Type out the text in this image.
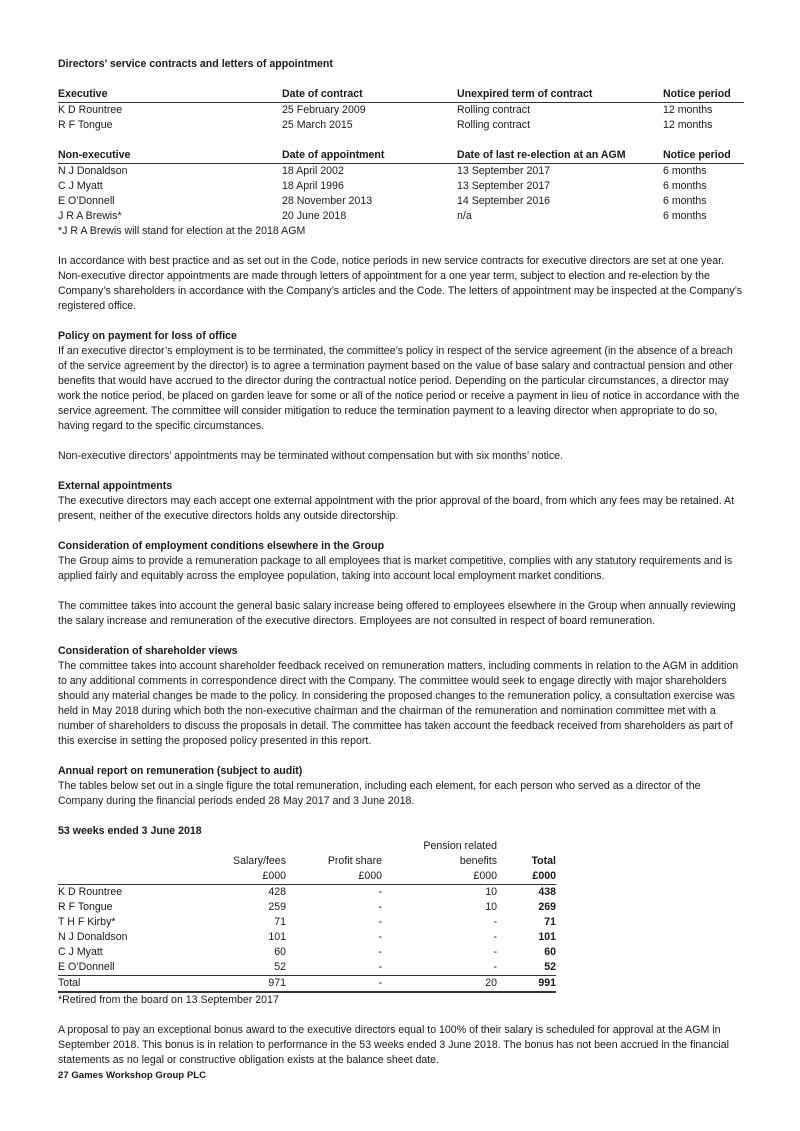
Directors’ service contracts and letters of appointment

Executive	Date of contract	Unexpired term of contract	Notice period
K D Rountree	25 February 2009	Rolling contract	12 months
R F Tongue	25 March 2015	Rolling contract	12 months
Non-executive	Date of appointment	Date of last re-election at an AGM	Notice period
N J Donaldson	18 April 2002	13 September 2017	6 months
C J Myatt	18 April 1996	13 September 2017	6 months
E O’Donnell	28 November 2013	14 September 2016	6 months
J R A Brewis*	20 June 2018	n/a	6 months

*J R A Brewis will stand for election at the 2018 AGM

In accordance with best practice and as set out in the Code, notice periods in new service contracts for executive directors are set at one year. Non-executive director appointments are made through letters of appointment for a one year term, subject to election and re-election by the Company’s shareholders in accordance with the Company’s articles and the Code. The letters of appointment may be inspected at the Company’s registered office.

Policy on payment for loss of office

If an executive director’s employment is to be terminated, the committee’s policy in respect of the service agreement (in the absence of a breach of the service agreement by the director) is to agree a termination payment based on the value of base salary and contractual pension and other benefits that would have accrued to the director during the contractual notice period. Depending on the particular circumstances, a director may work the notice period, be placed on garden leave for some or all of the notice period or receive a payment in lieu of notice in accordance with the service agreement. The committee will consider mitigation to reduce the termination payment to a leaving director when appropriate to do so, having regard to the specific circumstances.

Non-executive directors’ appointments may be terminated without compensation but with six months’ notice.

External appointments

The executive directors may each accept one external appointment with the prior approval of the board, from which any fees may be retained. At present, neither of the executive directors holds any outside directorship.

Consideration of employment conditions elsewhere in the Group

The Group aims to provide a remuneration package to all employees that is market competitive, complies with any statutory requirements and is applied fairly and equitably across the employee population, taking into account local employment market conditions.

The committee takes into account the general basic salary increase being offered to employees elsewhere in the Group when annually reviewing the salary increase and remuneration of the executive directors. Employees are not consulted in respect of board remuneration.

Consideration of shareholder views

The committee takes into account shareholder feedback received on remuneration matters, including comments in relation to the AGM in addition to any additional comments in correspondence direct with the Company. The committee would seek to engage directly with major shareholders should any material changes be made to the policy. In considering the proposed changes to the remuneration policy, a consultation exercise was held in May 2018 during which both the non-executive chairman and the chairman of the remuneration and nomination committee met with a number of shareholders to discuss the proposals in detail. The committee has taken account the feedback received from shareholders as part of this exercise in setting the proposed policy presented in this report.

Annual report on remuneration (subject to audit)

The tables below set out in a single figure the total remuneration, including each element, for each person who served as a director of the Company during the financial periods ended 28 May 2017 and 3 June 2018.

53 weeks ended 3 June 2018

			Pension related	
	Salary/fees	Profit share	benefits	Total
	£000	£000	£000	£000
K D Rountree	428	-	10	438
R F Tongue	259	-	10	269
T H F Kirby*	71	-	-	71
N J Donaldson	101	-	-	101
C J Myatt	60	-	-	60
E O’Donnell	52	-	-	52
Total	971	-	20	991

*Retired from the board on 13 September 2017

A proposal to pay an exceptional bonus award to the executive directors equal to 100% of their salary is scheduled for approval at the AGM in September 2018. This bonus is in relation to performance in the 53 weeks ended 3 June 2018. The bonus has not been accrued in the financial statements as no legal or constructive obligation exists at the balance sheet date.

27 Games Workshop Group PLC
